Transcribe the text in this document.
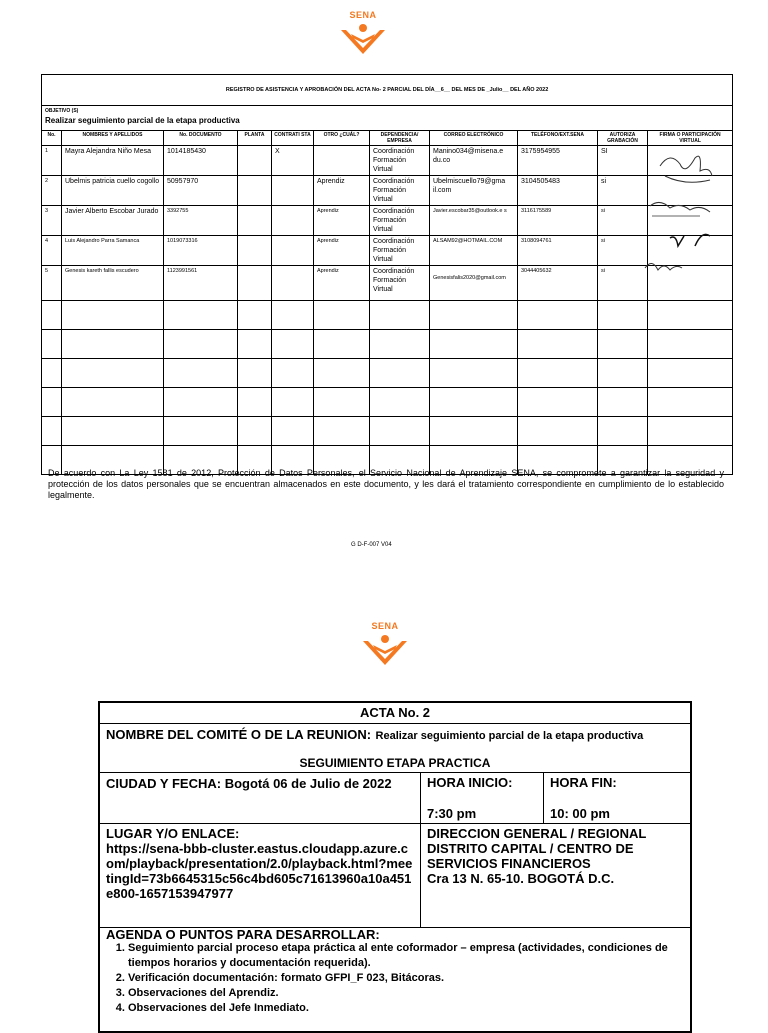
SENA
REGISTRO DE ASISTENCIA Y APROBACIÓN DEL ACTA No- 2 PARCIAL DEL DÍA__6__ DEL MES DE _Julio__ DEL AÑO 2022										

OBJETIVO (S)
Realizar seguimiento parcial de la etapa productiva										

No.	NOMBRES Y APELLIDOS	No. DOCUMENTO	PLANTA	CONTRATI STA	OTRO ¿CUÁL?	DEPENDENCIA/ EMPRESA	CORREO ELECTRÓNICO	TELÉFONO/EXT.SENA	AUTORIZA GRABACIÓN	FIRMA O PARTICIPACIÓN VIRTUAL
1	Mayra Alejandra Niño Mesa	1014185430		X		Coordinación Formación Virtual	Manino034@misena.e du.co	3175954955	SI	
2	Ubelmis patricia cuello cogollo	50957970			Aprendiz	Coordinación Formación Virtual	Ubelmiscuello79@gma il.com	3104505483	si	
3	Javier Alberto Escobar Jurado	3392755			Aprendiz	Coordinación Formación Virtual	Javier.escobar35@outlook.e s	3116175589	si	
4	Luis Alejandro Parra Samanca	1019073316			Aprendiz	Coordinación Formación Virtual	ALSAM92@HOTMAIL.COM	3108094761	si	
5	Genesis kareth fallis escudero	1123991561			Aprendiz	Coordinación Formación Virtual	Genesisfalis2020@gmail.com	3044405632	si	

De acuerdo con La Ley 1581 de 2012, Protección de Datos Personales, el Servicio Nacional de Aprendizaje SENA, se compromete a garantizar la seguridad y protección de los datos personales que se encuentran almacenados en este documento, y les dará el tratamiento correspondiente en cumplimiento de lo establecido legalmente.
G D-F-007 V04
SENA
ACTA No. 2
NOMBRE DEL COMITÉ O DE LA REUNION: Realizar seguimiento parcial de la etapa productiva
SEGUIMIENTO ETAPA PRACTICA
CIUDAD Y FECHA: Bogotá 06 de Julio de 2022	HORA INICIO:
7:30 pm
HORA FIN:
10: 00 pm
LUGAR Y/O ENLACE:
https://sena-bbb-cluster.eastus.cloudapp.azure.com/playback/presentation/2.0/playback.html?meetingId=73b6645315c56c4bd605c71613960a10a451e800-1657153947977
DIRECCION GENERAL / REGIONAL DISTRITO CAPITAL / CENTRO DE SERVICIOS FINANCIEROS
Cra 13 N. 65-10. BOGOTÁ D.C.
AGENDA O PUNTOS PARA DESARROLLAR:
1. Seguimiento parcial proceso etapa práctica al ente coformador – empresa (actividades, condiciones de tiempos horarios y documentación requerida).
2. Verificación documentación: formato GFPI_F 023, Bitácoras.
3. Observaciones del Aprendiz.
4. Observaciones del Jefe Inmediato.
